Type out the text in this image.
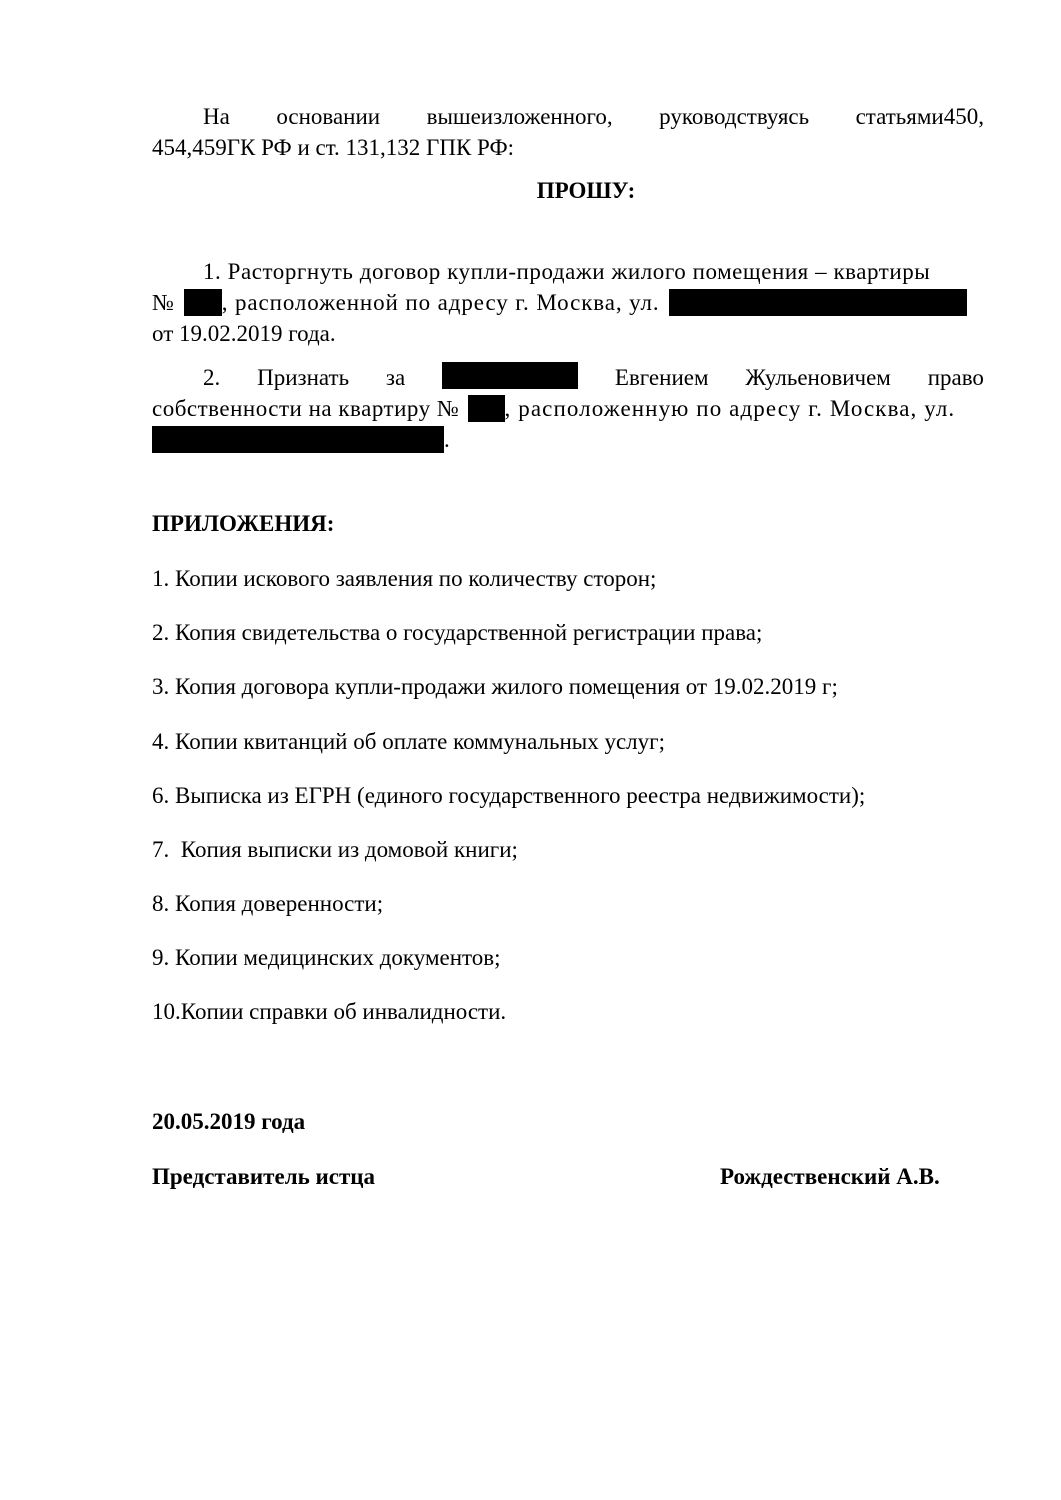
На основании вышеизложенного, руководствуясь статьями450,
454,459ГК РФ и ст. 131,132 ГПК РФ:
ПРОШУ:
1. Расторгнуть договор купли-продажи жилого помещения – квартиры
№ , расположенной по адресу г. Москва, ул.
от 19.02.2019 года.
2. Признать за	Евгением Жульеновичем право
собственности на квартиру № , расположенную по адресу г. Москва, ул.
.
ПРИЛОЖЕНИЯ:
1. Копии искового заявления по количеству сторон;
2. Копия свидетельства о государственной регистрации права;
3. Копия договора купли-продажи жилого помещения от 19.02.2019 г;
4. Копии квитанций об оплате коммунальных услуг;
6. Выписка из ЕГРН (единого государственного реестра недвижимости);
7.  Копия выписки из домовой книги;
8. Копия доверенности;
9. Копии медицинских документов;
10.Копии справки об инвалидности.
20.05.2019 года
Представитель истца	Рождественский А.В.
